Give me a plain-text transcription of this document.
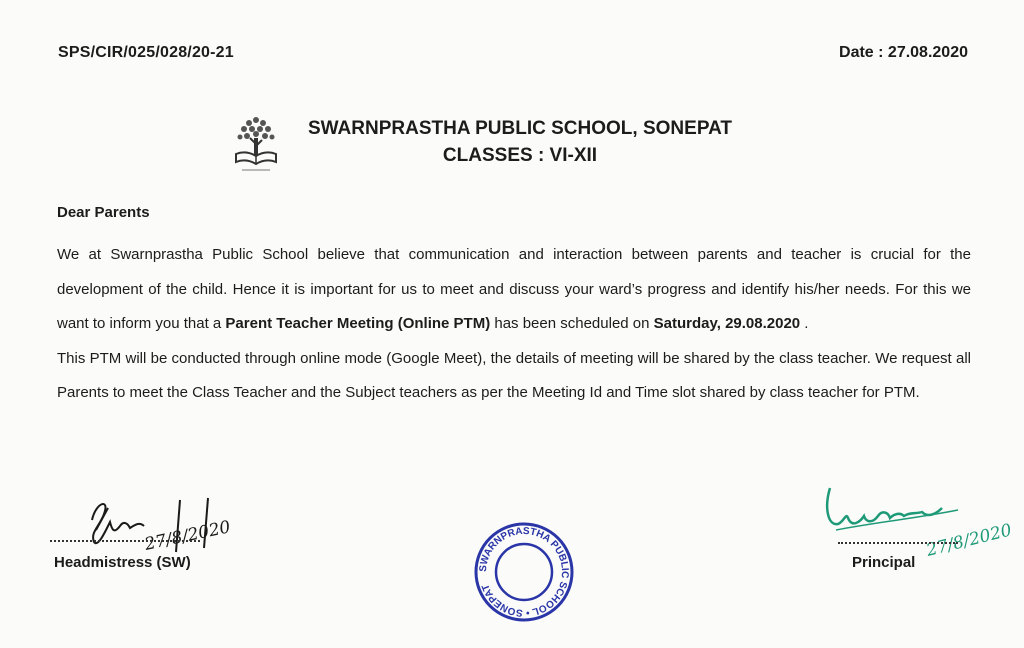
SPS/CIR/025/028/20-21	Date : 27.08.2020
SWARNPRASTHA PUBLIC SCHOOL, SONEPAT
CLASSES : VI-XII
Dear Parents

We at Swarnprastha Public School believe that communication and interaction between parents and teacher is crucial for the development of the child. Hence it is important for us to meet and discuss your ward’s progress and identify his/her needs. For this we want to inform you that a Parent Teacher Meeting (Online PTM) has been scheduled on Saturday, 29.08.2020 .

This PTM will be conducted through online mode (Google Meet), the details of meeting will be shared by the class teacher. We request all Parents to meet the Class Teacher and the Subject teachers as per the Meeting Id and Time slot shared by class teacher for PTM.

27/8/2020
Headmistress (SW)	SWARNPRASTHA PUBLIC SCHOOL • SONEPAT
27/8/2020
Principal
